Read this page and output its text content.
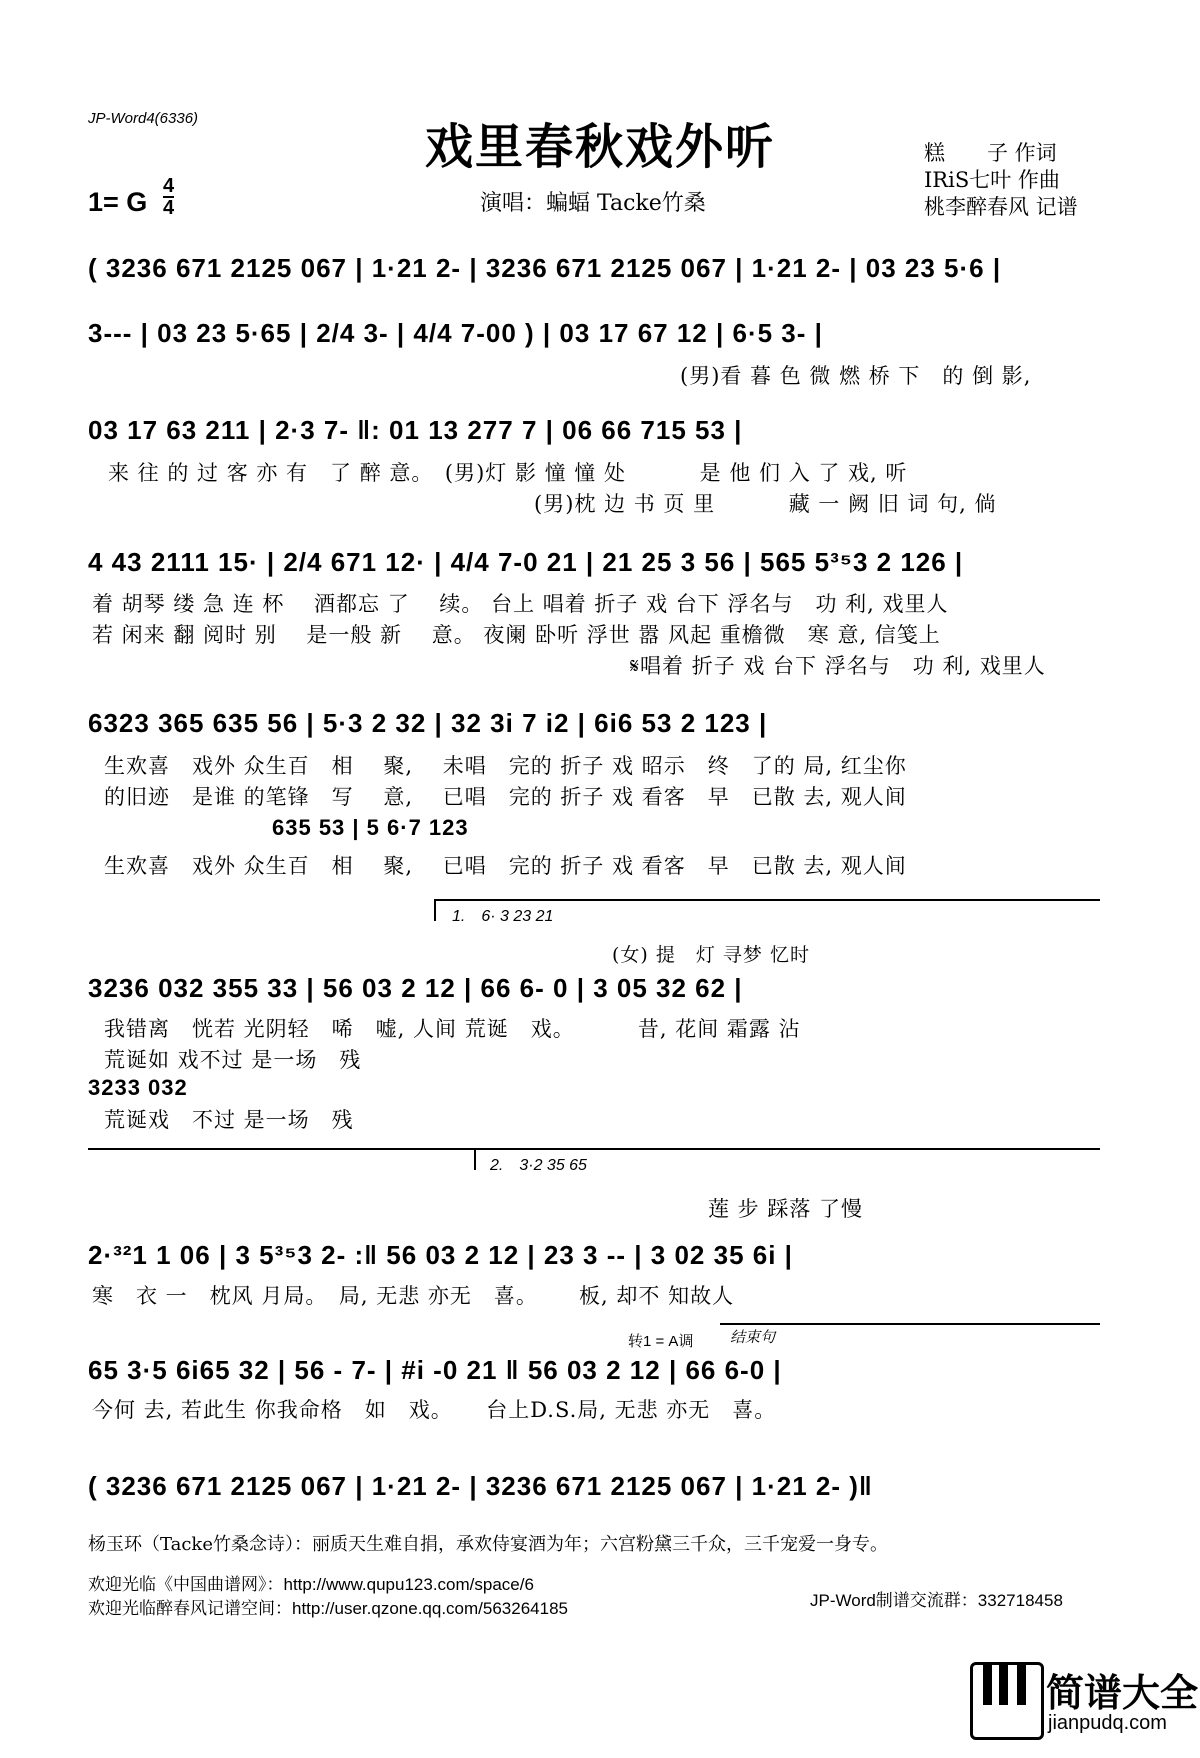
JP-Word4(6336)
戏里春秋戏外听
1= G
4
4	演唱：蝙蝠 Tacke竹桑
糕　　子 作词
IRiS七叶 作曲
桃李醉春风 记谱
( 3236 671 2125 067 | 1·21 2- | 3236 671 2125 067 | 1·21 2- | 03 23 5·6 |
3--- | 03 23 5·65 | 2/4 3- | 4/4 7-00 ) | 03 17 67 12 | 6·5 3- |
(男)看 暮 色 微 燃 桥 下　的 倒 影,
03 17 63 211 | 2·3 7- ‖: 01 13 277 7 | 06 66 715 53 |
来 往 的 过 客 亦 有　了 醉 意。　(男)灯 影 憧 憧 处　　　 是 他 们 入 了 戏, 听
(男)枕 边 书 页 里　　　 藏 一 阙 旧 词 句, 倘
4 43 2111 15· | 2/4 671 12· | 4/4 7-0 21 | 21 25 3 56 | 565 5³⁵3 2 126 |
着 胡琴 缕 急 连 杯　 酒都忘 了　 续。 台上 唱着 折子 戏 台下 浮名与　功 利, 戏里人
若 闲来 翻 阅时 别　 是一般 新　 意。 夜阑 卧听 浮世 嚣 风起 重檐微　寒 意, 信笺上
𝄋唱着 折子 戏 台下 浮名与　功 利, 戏里人
6323 365 635 56 | 5·3 2 32 | 32 3i 7 i2 | 6i6 53 2 123 |
生欢喜　戏外 众生百　相　 聚,　 未唱　完的 折子 戏 昭示　终　了的 局, 红尘你
的旧迹　是谁 的笔锋　写　 意,　 已唱　完的 折子 戏 看客　早　已散 去, 观人间
635 53 | 5 6·7 123
生欢喜　戏外 众生百　相　 聚,　 已唱　完的 折子 戏 看客　早　已散 去, 观人间
1.　6· 3 23 21
(女) 提　灯 寻梦 忆时
3236 032 355 33 | 56 03 2 12 | 66 6- 0 | 3 05 32 62 |
我错离　恍若 光阴轻　唏　嘘, 人间 荒诞　戏。　　　 昔, 花间 霜露 沾
荒诞如 戏不过 是一场　残
3233 032
荒诞戏　不过 是一场　残
2.　3·2 35 65
莲 步 踩落 了慢
2·³²1 1 06 | 3 5³⁵3 2- :‖ 56 03 2 12 | 23 3 -- | 3 02 35 6i |
寒　衣 一　枕风 月局。　局, 无悲 亦无　喜。　　 板, 却不 知故人
转1 = A调 结束句
65 3·5 6i65 32 | 56 - 7- | #i -0 21 ‖ 56 03 2 12 | 66 6-0 |
今何 去, 若此生 你我命格　如　戏。　　台上D.S.局, 无悲 亦无　喜。
( 3236 671 2125 067 | 1·21 2- | 3236 671 2125 067 | 1·21 2- )‖
杨玉环（Tacke竹桑念诗）：丽质天生难自捐，承欢侍宴酒为年；六宫粉黛三千众，三千宠爱一身专。
欢迎光临《中国曲谱网》：http://www.qupu123.com/space/6
欢迎光临醉春风记谱空间：http://user.qzone.qq.com/563264185	JP-Word制谱交流群：332718458
简谱大全
jianpudq.com
